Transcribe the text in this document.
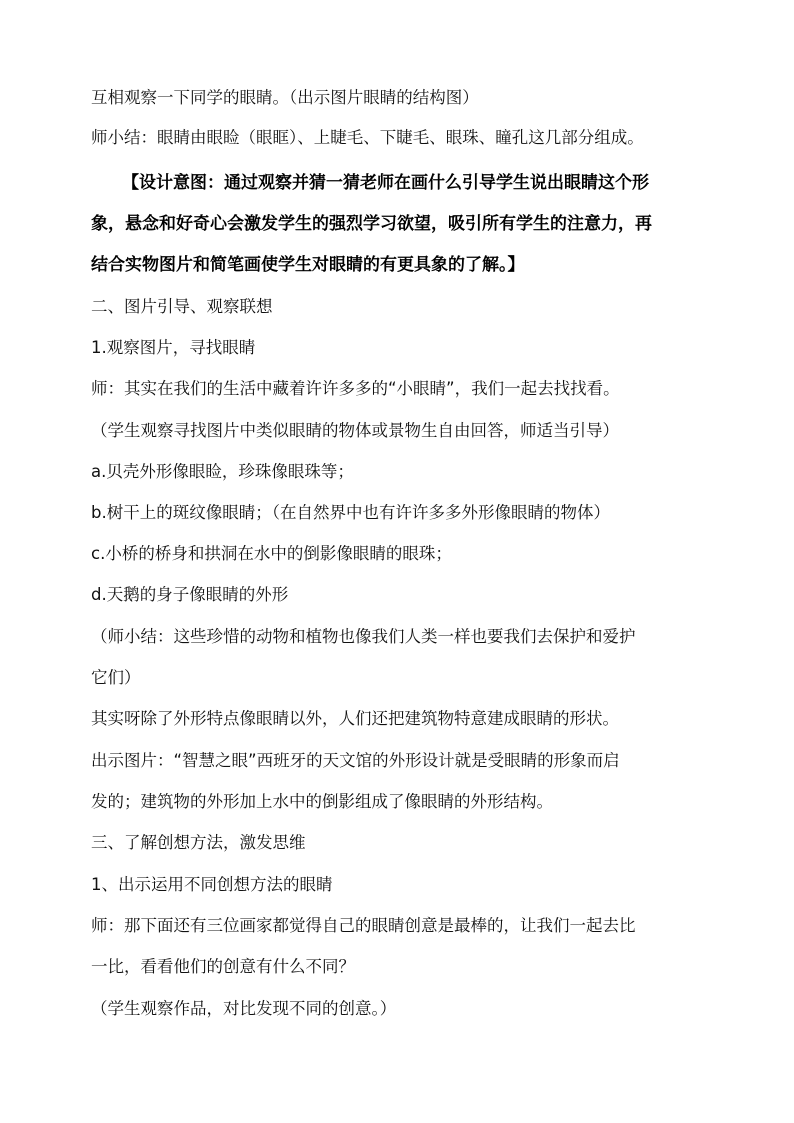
互相观察一下同学的眼睛。（出示图片眼睛的结构图）
师小结：眼睛由眼睑（眼眶）、上睫毛、下睫毛、眼珠、瞳孔这几部分组成。
【设计意图：通过观察并猜一猜老师在画什么引导学生说出眼睛这个形
象，悬念和好奇心会激发学生的强烈学习欲望，吸引所有学生的注意力，再
结合实物图片和简笔画使学生对眼睛的有更具象的了解。】
二、图片引导、观察联想
1.观察图片，寻找眼睛
师：其实在我们的生活中藏着许许多多的“小眼睛”，我们一起去找找看。
（学生观察寻找图片中类似眼睛的物体或景物生自由回答，师适当引导）
a.贝壳外形像眼睑，珍珠像眼珠等；
b.树干上的斑纹像眼睛；（在自然界中也有许许多多外形像眼睛的物体）
c.小桥的桥身和拱洞在水中的倒影像眼睛的眼珠；
d.天鹅的身子像眼睛的外形
（师小结：这些珍惜的动物和植物也像我们人类一样也要我们去保护和爱护
它们）
其实呀除了外形特点像眼睛以外，人们还把建筑物特意建成眼睛的形状。
出示图片：“智慧之眼”西班牙的天文馆的外形设计就是受眼睛的形象而启
发的；建筑物的外形加上水中的倒影组成了像眼睛的外形结构。
三、了解创想方法，激发思维
1、出示运用不同创想方法的眼睛
师：那下面还有三位画家都觉得自己的眼睛创意是最棒的，让我们一起去比
一比，看看他们的创意有什么不同？
（学生观察作品，对比发现不同的创意。）
